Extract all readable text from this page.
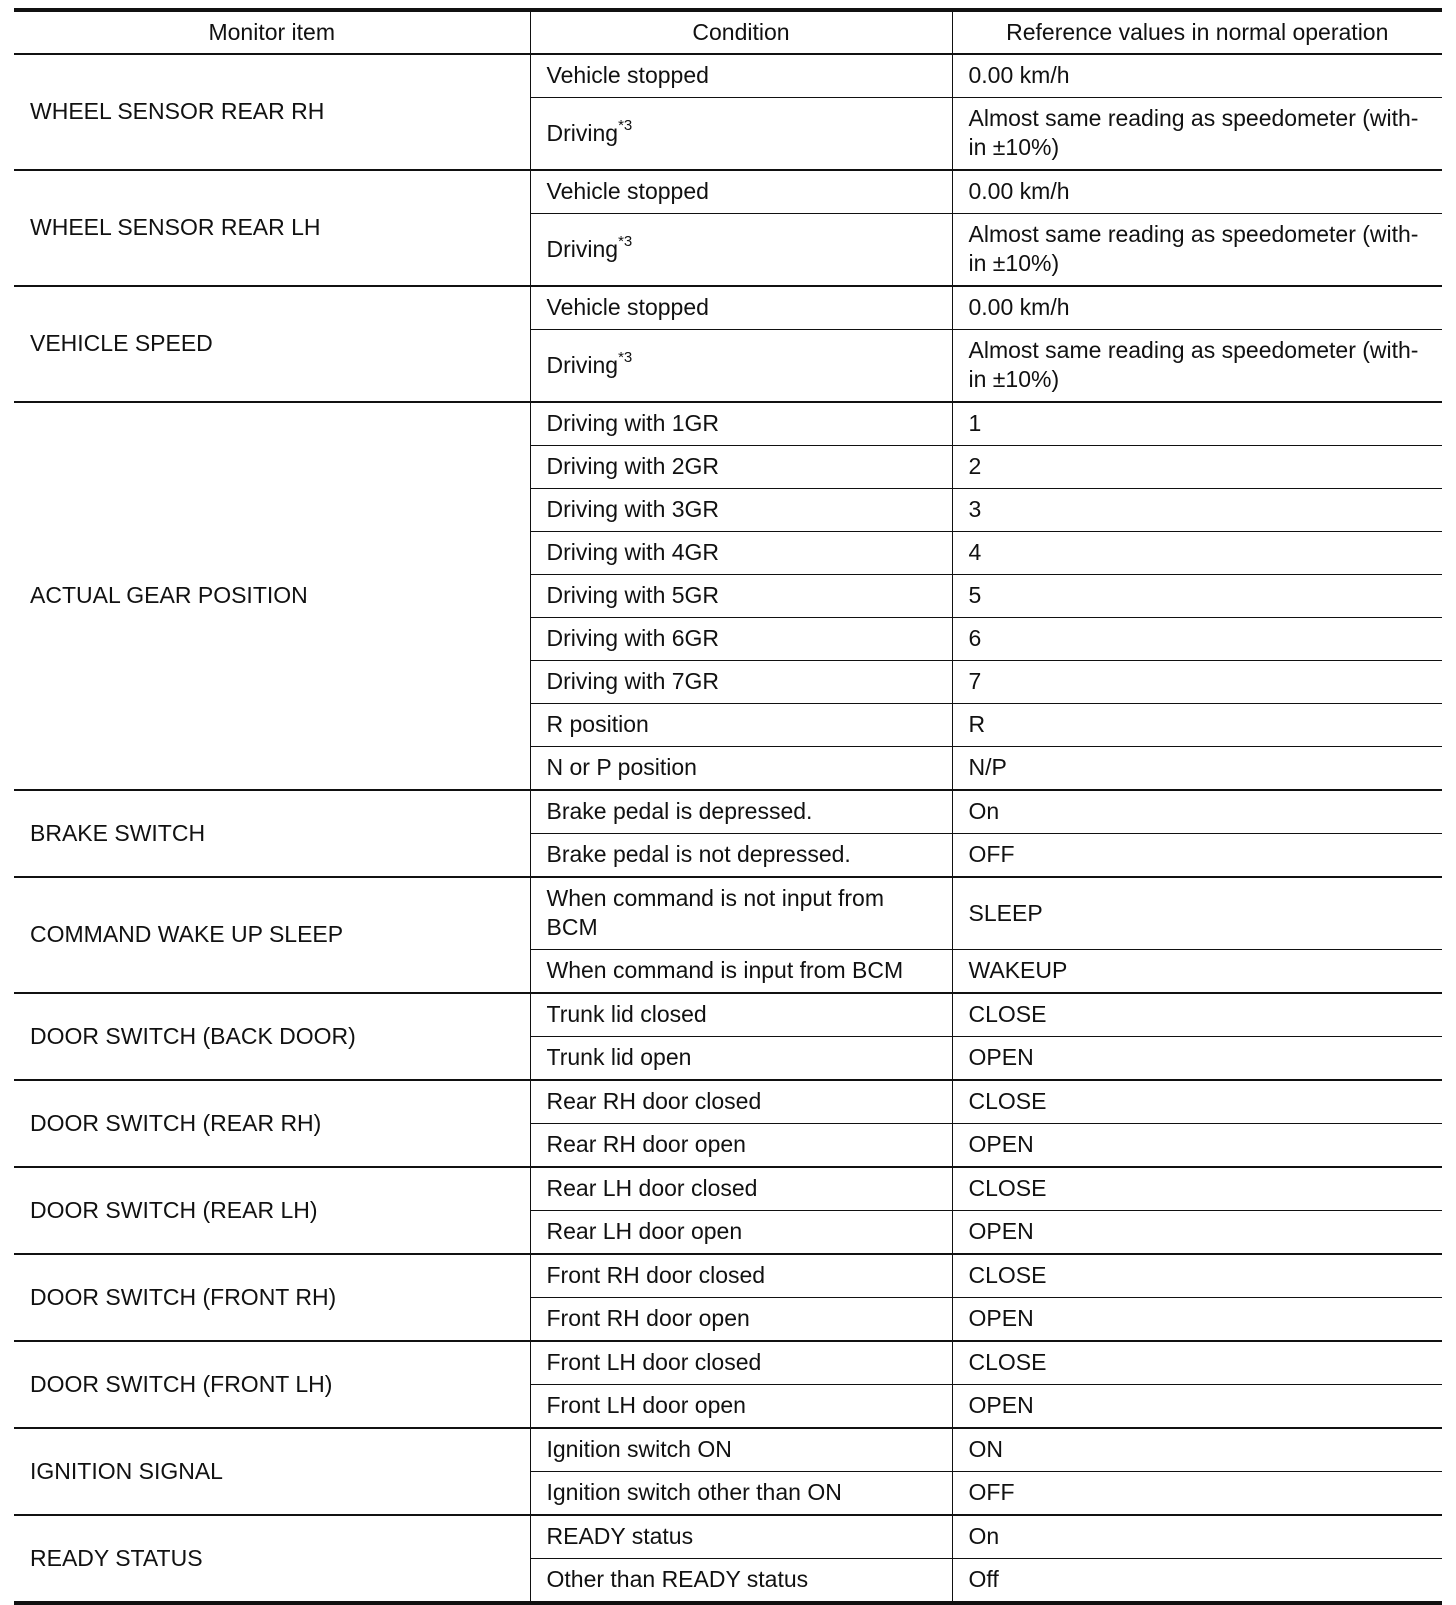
Monitor item	Condition	Reference values in normal operation
WHEEL SENSOR REAR RH	Vehicle stopped	0.00 km/h
	Driving$^{*3}$	Almost same reading as speedometer (with-in ±10%)
WHEEL SENSOR REAR LH	Vehicle stopped	0.00 km/h
	Driving$^{*3}$	Almost same reading as speedometer (with-in ±10%)
VEHICLE SPEED	Vehicle stopped	0.00 km/h
	Driving$^{*3}$	Almost same reading as speedometer (with-in ±10%)
ACTUAL GEAR POSITION	Driving with 1GR	1
	Driving with 2GR	2
	Driving with 3GR	3
	Driving with 4GR	4
	Driving with 5GR	5
	Driving with 6GR	6
	Driving with 7GR	7
	R position	R
	N or P position	N/P
BRAKE SWITCH	Brake pedal is depressed.	On
	Brake pedal is not depressed.	OFF
COMMAND WAKE UP SLEEP	When command is not input from BCM	SLEEP
	When command is input from BCM	WAKEUP
DOOR SWITCH (BACK DOOR)	Trunk lid closed	CLOSE
	Trunk lid open	OPEN
DOOR SWITCH (REAR RH)	Rear RH door closed	CLOSE
	Rear RH door open	OPEN
DOOR SWITCH (REAR LH)	Rear LH door closed	CLOSE
	Rear LH door open	OPEN
DOOR SWITCH (FRONT RH)	Front RH door closed	CLOSE
	Front RH door open	OPEN
DOOR SWITCH (FRONT LH)	Front LH door closed	CLOSE
	Front LH door open	OPEN
IGNITION SIGNAL	Ignition switch ON	ON
	Ignition switch other than ON	OFF
READY STATUS	READY status	On
	Other than READY status	Off
